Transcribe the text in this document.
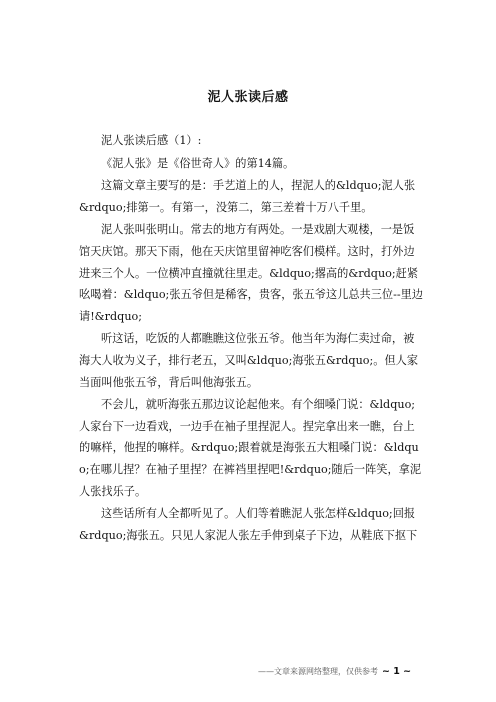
泥人张读后感

泥人张读后感（1）:

《泥人张》是《俗世奇人》的第14篇。

这篇文章主要写的是：手艺道上的人，捏泥人的&ldquo;泥人张&rdquo;排第一。有第一，没第二，第三差着十万八千里。

泥人张叫张明山。常去的地方有两处。一是戏剧大观楼，一是饭馆天庆馆。那天下雨，他在天庆馆里留神吃客们模样。这时，打外边进来三个人。一位横冲直撞就往里走。&ldquo;撂高的&rdquo;赶紧吆喝着：&ldquo;张五爷但是稀客，贵客，张五爷这儿总共三位--里边请!&rdquo;

听这话，吃饭的人都瞧瞧这位张五爷。他当年为海仁卖过命，被海大人收为义子，排行老五，又叫&ldquo;海张五&rdquo;。但人家当面叫他张五爷，背后叫他海张五。

不会儿，就听海张五那边议论起他来。有个细嗓门说：&ldquo;人家台下一边看戏，一边手在袖子里捏泥人。捏完拿出来一瞧，台上的嘛样，他捏的嘛样。&rdquo;跟着就是海张五大粗嗓门说：&ldquo;在哪儿捏？在袖子里捏？在裤裆里捏吧!&rdquo;随后一阵笑，拿泥人张找乐子。

这些话所有人全都听见了。人们等着瞧泥人张怎样&ldquo;回报&rdquo;海张五。只见人家泥人张左手伸到桌子下边，从鞋底下抠下

——文章来源网络整理，仅供参考 ~ 1 ~
